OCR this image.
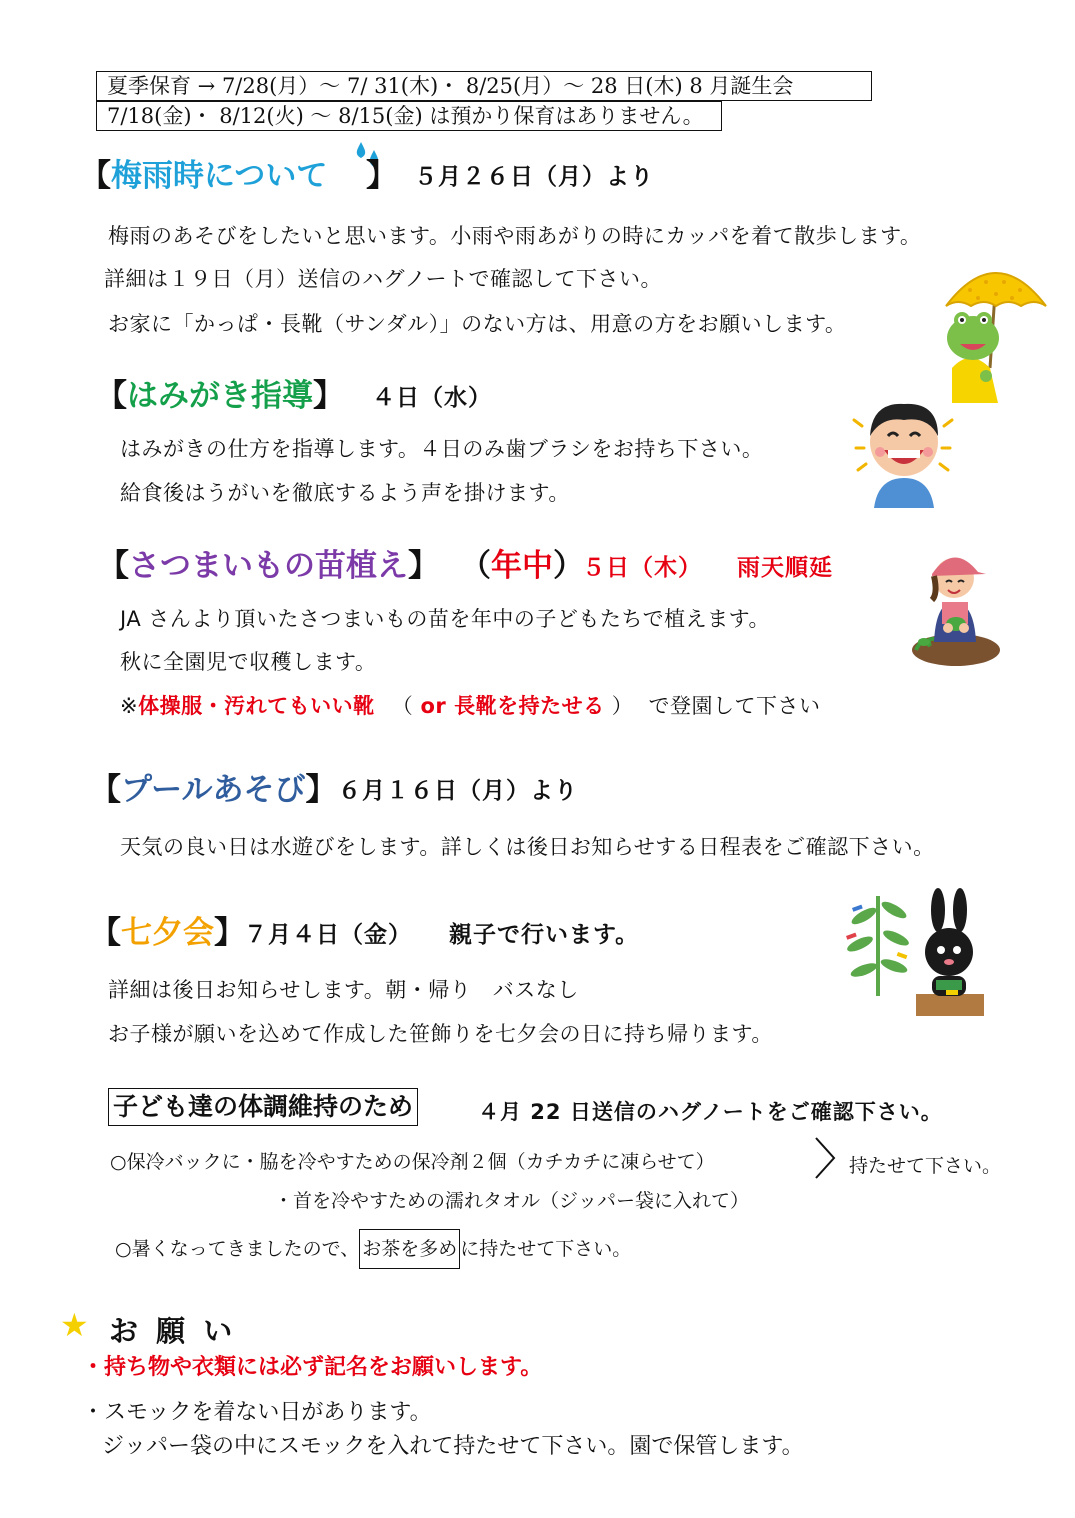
夏季保育 → 7/28(月）～ 7/ 31(木)・ 8/25(月）～ 28 日(木) 8 月誕生会
7/18(金)・ 8/12(火) ～ 8/15(金) は預かり保育はありません。
【梅雨時について 】 ５月２６日（月）より
梅雨のあそびをしたいと思います。小雨や雨あがりの時にカッパを着て散歩します。
詳細は１９日（月）送信のハグノートで確認して下さい。
お家に「かっぱ・長靴（サンダル）」のない方は、用意の方をお願いします。
【はみがき指導】 ４日（水）
はみがきの仕方を指導します。４日のみ歯ブラシをお持ち下さい。
給食後はうがいを徹底するよう声を掛けます。
【さつまいもの苗植え】 （年中）
５日（木） 雨天順延
JA さんより頂いたさつまいもの苗を年中の子どもたちで植えます。
秋に全園児で収穫します。
※体操服・汚れてもいい靴 （ or 長靴を持たせる ） で登園して下さい
【プールあそび】 ６月１６日（月）より
天気の良い日は水遊びをします。詳しくは後日お知らせする日程表をご確認下さい。
【七夕会】 ７月４日（金） 親子で行います。
詳細は後日お知らせします。朝・帰り　バスなし
お子様が願いを込めて作成した笹飾りを七夕会の日に持ち帰ります。
子ども達の体調維持のため	４月 22 日送信のハグノートをご確認下さい。
○保冷バックに・脇を冷やすための保冷剤２個（カチカチに凍らせて）
・首を冷やすための濡れタオル（ジッパー袋に入れて）
持たせて下さい。
○暑くなってきましたので、 お茶を多め に持たせて下さい。
★ お 願 い
・持ち物や衣類には必ず記名をお願いします。
・スモックを着ない日があります。
ジッパー袋の中にスモックを入れて持たせて下さい。園で保管します。
